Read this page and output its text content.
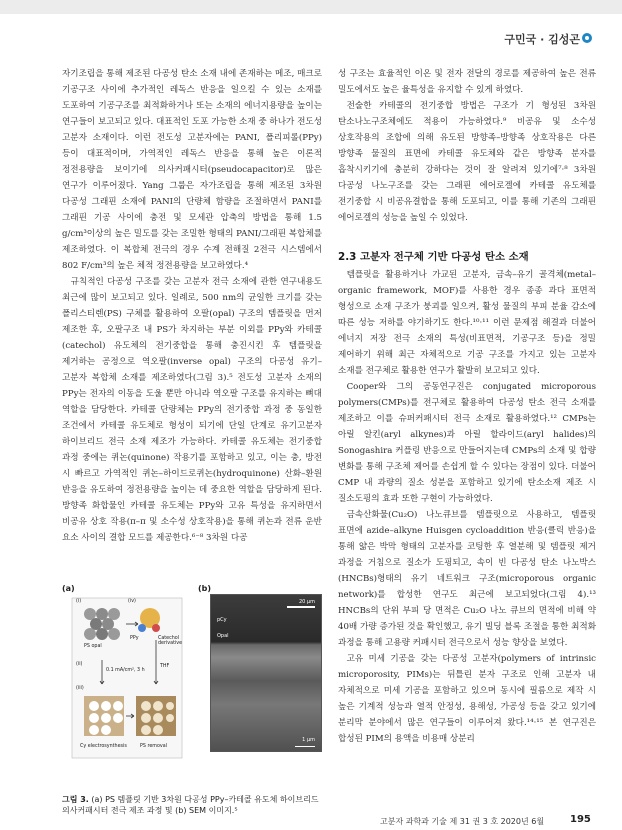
구민국 · 김성곤

자기조립을 통해 제조된 다공성 탄소 소재 내에 존재하는 메조, 매크로 기공구조 사이에 추가적인 레독스 반응을 일으킬 수 있는 소재를 도포하여 기공구조를 최적화하거나 또는 소재의 에너지용량을 높이는 연구들이 보고되고 있다. 대표적인 도포 가능한 소재 중 하나가 전도성 고분자 소재이다. 이런 전도성 고분자에는 PANI, 폴리피롤(PPy) 등이 대표적이며, 가역적인 레독스 반응을 통해 높은 이론적 정전용량을 보이기에 의사커패시터(pseudocapacitor)로 많은 연구가 이루어졌다. Yang 그룹은 자가조립을 통해 제조된 3차원 다공성 그래핀 소재에 PANI의 단량체 함량을 조절하면서 PANI를 그래핀 기공 사이에 충전 및 모세관 압축의 방법을 통해 1.5 g/cm³이상의 높은 밀도를 갖는 조밀한 형태의 PANI/그래핀 복합체를 제조하였다. 이 복합체 전극의 경우 수계 전해질 2전극 시스템에서 802 F/cm³의 높은 체적 정전용량을 보고하였다.⁴

규칙적인 다공성 구조를 갖는 고분자 전극 소재에 관한 연구내용도 최근에 많이 보고되고 있다. 일례로, 500 nm의 균일한 크기를 갖는 폴리스티렌(PS) 구체를 활용하여 오팔(opal) 구조의 템플릿을 먼저 제조한 후, 오팔구조 내 PS가 차지하는 부분 이외를 PPy와 카테콜(catechol) 유도체의 전기중합을 통해 충진시킨 후 템플릿을 제거하는 공정으로 역오팔(inverse opal) 구조의 다공성 유기–고분자 복합체 소재를 제조하였다(그림 3).⁵ 전도성 고분자 소재의 PPy는 전자의 이동을 도울 뿐만 아니라 역오팔 구조를 유지하는 뼈대 역할을 담당한다. 카테콜 단량체는 PPy의 전기중합 과정 중 동일한 조건에서 카테콜 유도체로 형성이 되기에 단일 단계로 유기고분자 하이브리드 전극 소재 제조가 가능하다. 카테콜 유도체는 전기중합 과정 중에는 퀴논(quinone) 작용기를 포함하고 있고, 이는 충, 방전 시 빠르고 가역적인 퀴논–하이드로퀴논(hydroquinone) 산화–환원 반응을 유도하여 정전용량을 높이는 데 중요한 역할을 담당하게 된다. 방향족 화합물인 카테콜 유도체는 PPy와 고유 특성을 유지하면서 비공유 상호 작용(π–π 및 소수성 상호작용)을 통해 퀴논과 전류 운반 요소 사이의 결합 모드를 제공한다.⁶⁻⁸ 3차원 다공

성 구조는 효율적인 이온 및 전자 전달의 경로를 제공하여 높은 전류 밀도에서도 높은 율특성을 유지할 수 있게 하였다.

전술한 카테콜의 전기중합 방법은 구조가 기 형성된 3차원 탄소나노구조체에도 적용이 가능하였다.⁹ 비공유 및 소수성 상호작용의 조합에 의해 유도된 방향족–방향족 상호작용은 다른 방향족 물질의 표면에 카테콜 유도체와 같은 방향족 분자를 흡착시키기에 충분히 강하다는 것이 잘 알려져 있기에⁷·⁸ 3차원 다공성 나노구조를 갖는 그래핀 에어로겔에 카테콜 유도체를 전기중합 시 비공유결합을 통해 도포되고, 이를 통해 기존의 그래핀 에어로겔의 성능을 높일 수 있었다.

2.3 고분자 전구체 기반 다공성 탄소 소재

템플릿을 활용하거나 가교된 고분자, 금속–유기 골격체(metal–organic framework, MOF)를 사용한 경우 종종 과다 표면적 형성으로 소재 구조가 붕괴를 일으켜, 활성 물질의 부피 분율 감소에 따른 성능 저하를 야기하기도 한다.¹⁰·¹¹ 이런 문제점 해결과 더불어 에너지 저장 전극 소재의 특성(비표면적, 기공구조 등)을 정밀 제어하기 위해 최근 자체적으로 기공 구조를 가지고 있는 고분자 소재를 전구체로 활용한 연구가 활발히 보고되고 있다.

Cooper와 그의 공동연구진은 conjugated microporous polymers(CMPs)를 전구체로 활용하여 다공성 탄소 전극 소재를 제조하고 이를 슈퍼커패시터 전극 소재로 활용하였다.¹² CMPs는 아릴 알킨(aryl alkynes)과 아릴 할라이드(aryl halides)의 Sonogashira 커플링 반응으로 만들어지는데 CMPs의 소재 및 합량 변화를 통해 구조체 제어를 손쉽게 할 수 있다는 장점이 있다. 더불어 CMP 내 과량의 질소 성분을 포함하고 있기에 탄소소재 제조 시 질소도핑의 효과 또한 구현이 가능하였다.

금속산화물(Cu₂O) 나노큐브를 템플릿으로 사용하고, 템플릿 표면에 azide–alkyne Huisgen cycloaddition 반응(클릭 반응)을 통해 얇은 박막 형태의 고분자를 코팅한 후 열분해 및 템플릿 제거 과정을 거침으로 질소가 도핑되고, 속이 빈 다공성 탄소 나노박스(HNCBs)형태의 유기 네트워크 구조(microporous organic network)를 합성한 연구도 최근에 보고되었다(그림 4).¹³ HNCBs의 단위 부피 당 면적은 Cu₂O 나노 큐브의 면적에 비해 약 40배 가량 증가된 것을 확인했고, 유기 빌딩 블록 조절을 통한 최적화 과정을 통해 고용량 커패시터 전극으로서 성능 향상을 보였다.

고유 미세 기공을 갖는 다공성 고분자(polymers of intrinsic microporosity, PIMs)는 뒤틀린 분자 구조로 인해 고분자 내 자체적으로 미세 기공을 포함하고 있으며 동시에 필름으로 제작 시 높은 기계적 성능과 열적 안정성, 용해성, 가공성 등을 갖고 있기에 분리막 분야에서 많은 연구들이 이루어져 왔다.¹⁴·¹⁵ 본 연구진은 합성된 PIM의 용액을 비용매 상분리

(a)
(i)	(iv)
PS opal
PPy	Catechol derivative
(ii)
0.1 mA/cm², 3 h
(iii)
THF
Cy electrosynthesis	PS removal
(b)
20 μm
pCy
Opal
1 μm
그림 3. (a) PS 템플릿 기반 3차원 다공성 PPy–카테콜 유도체 하이브리드 의사커패시터 전극 제조 과정 및 (b) SEM 이미지.⁵
고분자 과학과 기술 제 31 권 3 호 2020년 6월	195
